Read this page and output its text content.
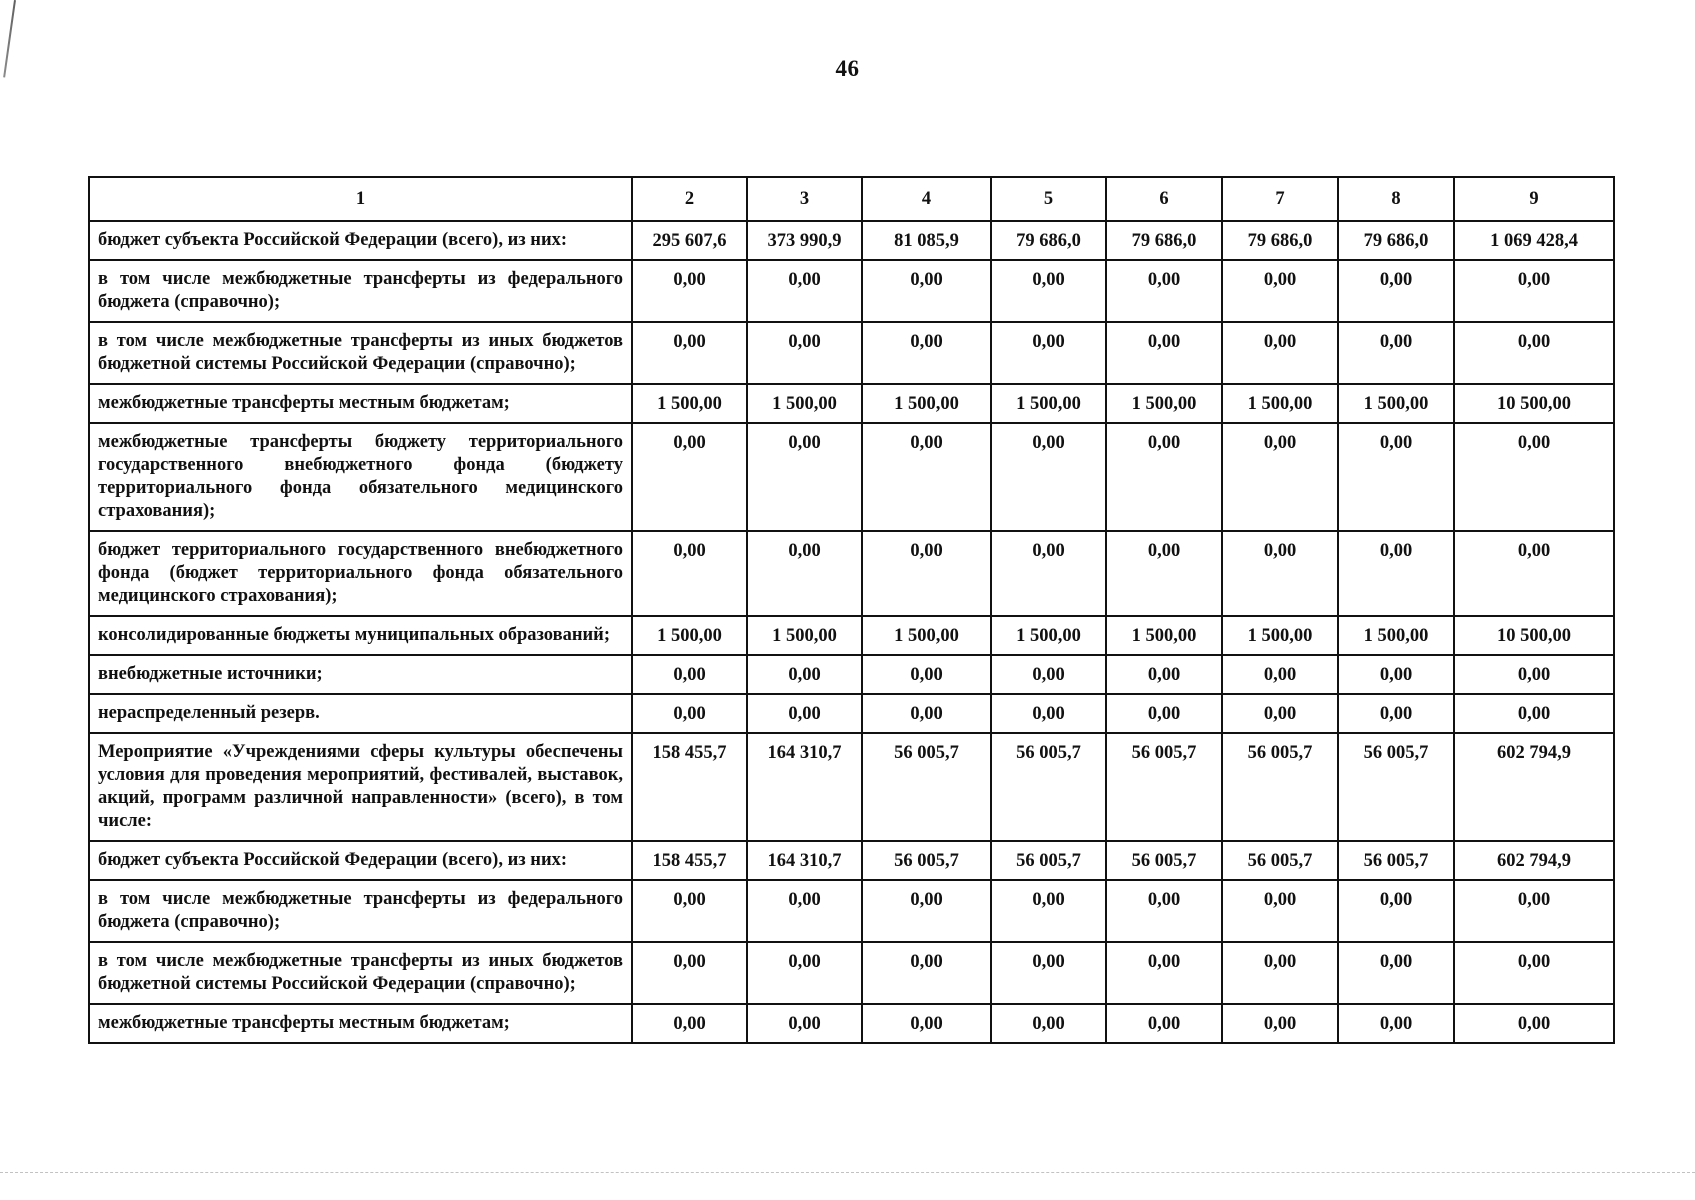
46
1	2	3	4	5	6	7	8	9
бюджет субъекта Российской Федерации (всего), из них:	295 607,6	373 990,9	81 085,9	79 686,0	79 686,0	79 686,0	79 686,0	1 069 428,4
в том числе межбюджетные трансферты из федерального бюджета (справочно);	0,00	0,00	0,00	0,00	0,00	0,00	0,00	0,00
в том числе межбюджетные трансферты из иных бюджетов бюджетной системы Российской Федерации (справочно);	0,00	0,00	0,00	0,00	0,00	0,00	0,00	0,00
межбюджетные трансферты местным бюджетам;	1 500,00	1 500,00	1 500,00	1 500,00	1 500,00	1 500,00	1 500,00	10 500,00
межбюджетные трансферты бюджету территориального государственного внебюджетного фонда (бюджету территориального фонда обязательного медицинского страхования);	0,00	0,00	0,00	0,00	0,00	0,00	0,00	0,00
бюджет территориального государственного внебюджетного фонда (бюджет территориального фонда обязательного медицинского страхования);	0,00	0,00	0,00	0,00	0,00	0,00	0,00	0,00
консолидированные бюджеты муниципальных образований;	1 500,00	1 500,00	1 500,00	1 500,00	1 500,00	1 500,00	1 500,00	10 500,00
внебюджетные источники;	0,00	0,00	0,00	0,00	0,00	0,00	0,00	0,00
нераспределенный резерв.	0,00	0,00	0,00	0,00	0,00	0,00	0,00	0,00
Мероприятие «Учреждениями сферы культуры обеспечены условия для проведения мероприятий, фестивалей, выставок, акций, программ различной направленности» (всего), в том числе:	158 455,7	164 310,7	56 005,7	56 005,7	56 005,7	56 005,7	56 005,7	602 794,9
бюджет субъекта Российской Федерации (всего), из них:	158 455,7	164 310,7	56 005,7	56 005,7	56 005,7	56 005,7	56 005,7	602 794,9
в том числе межбюджетные трансферты из федерального бюджета (справочно);	0,00	0,00	0,00	0,00	0,00	0,00	0,00	0,00
в том числе межбюджетные трансферты из иных бюджетов бюджетной системы Российской Федерации (справочно);	0,00	0,00	0,00	0,00	0,00	0,00	0,00	0,00
межбюджетные трансферты местным бюджетам;	0,00	0,00	0,00	0,00	0,00	0,00	0,00	0,00
